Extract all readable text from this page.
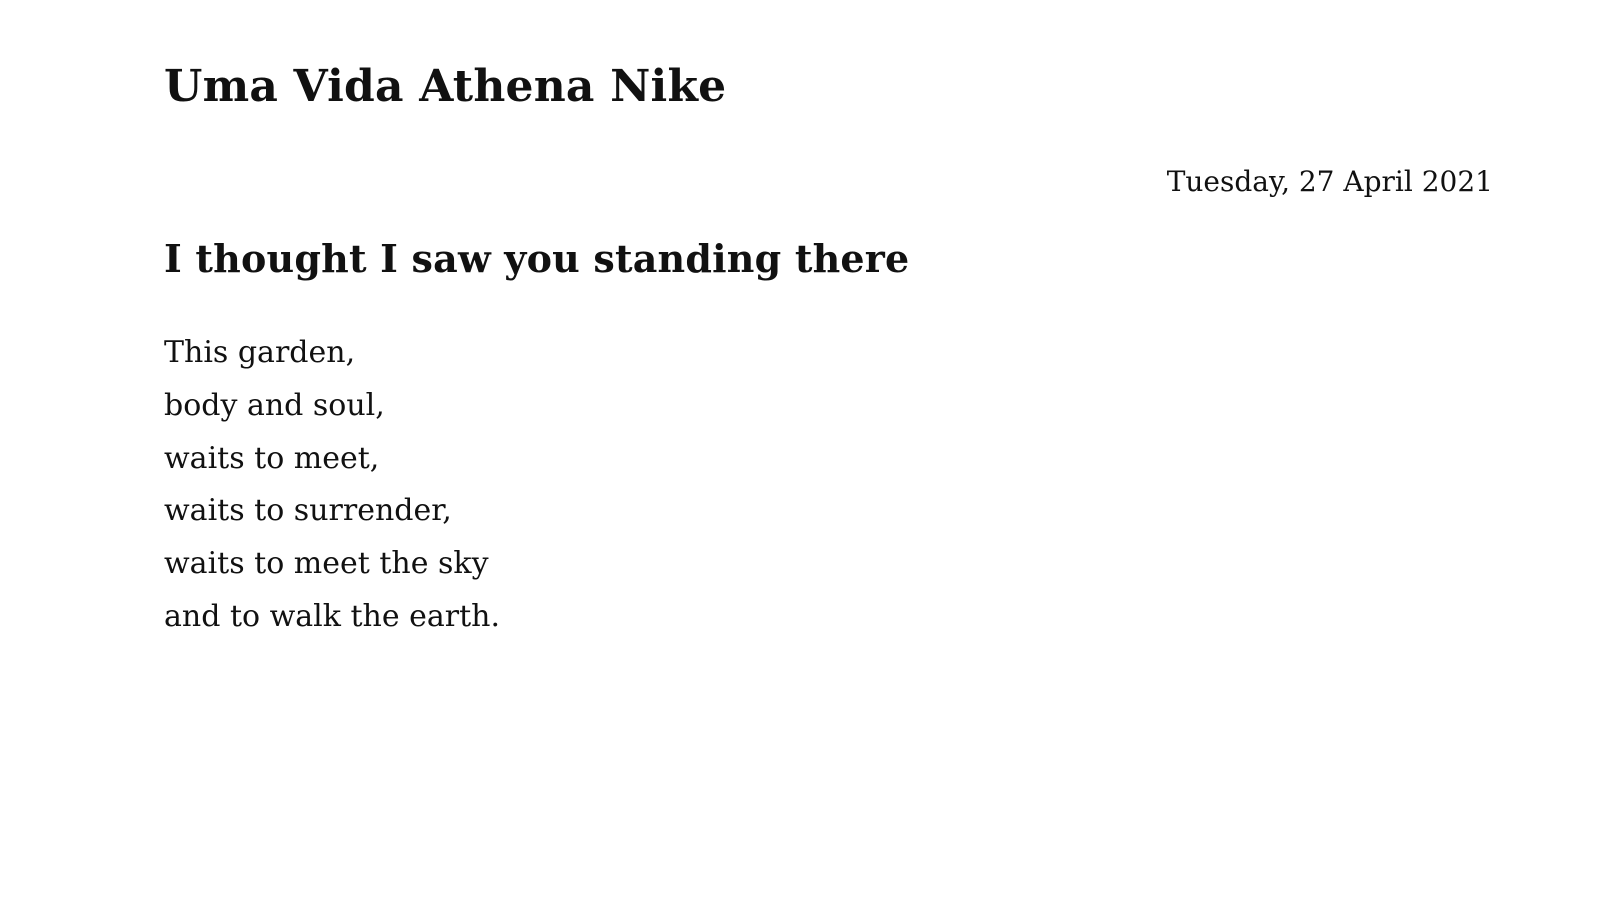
Uma Vida Athena Nike
Tuesday, 27 April 2021
I thought I saw you standing there
This garden,
body and soul,
waits to meet,
waits to surrender,
waits to meet the sky
and to walk the earth.
